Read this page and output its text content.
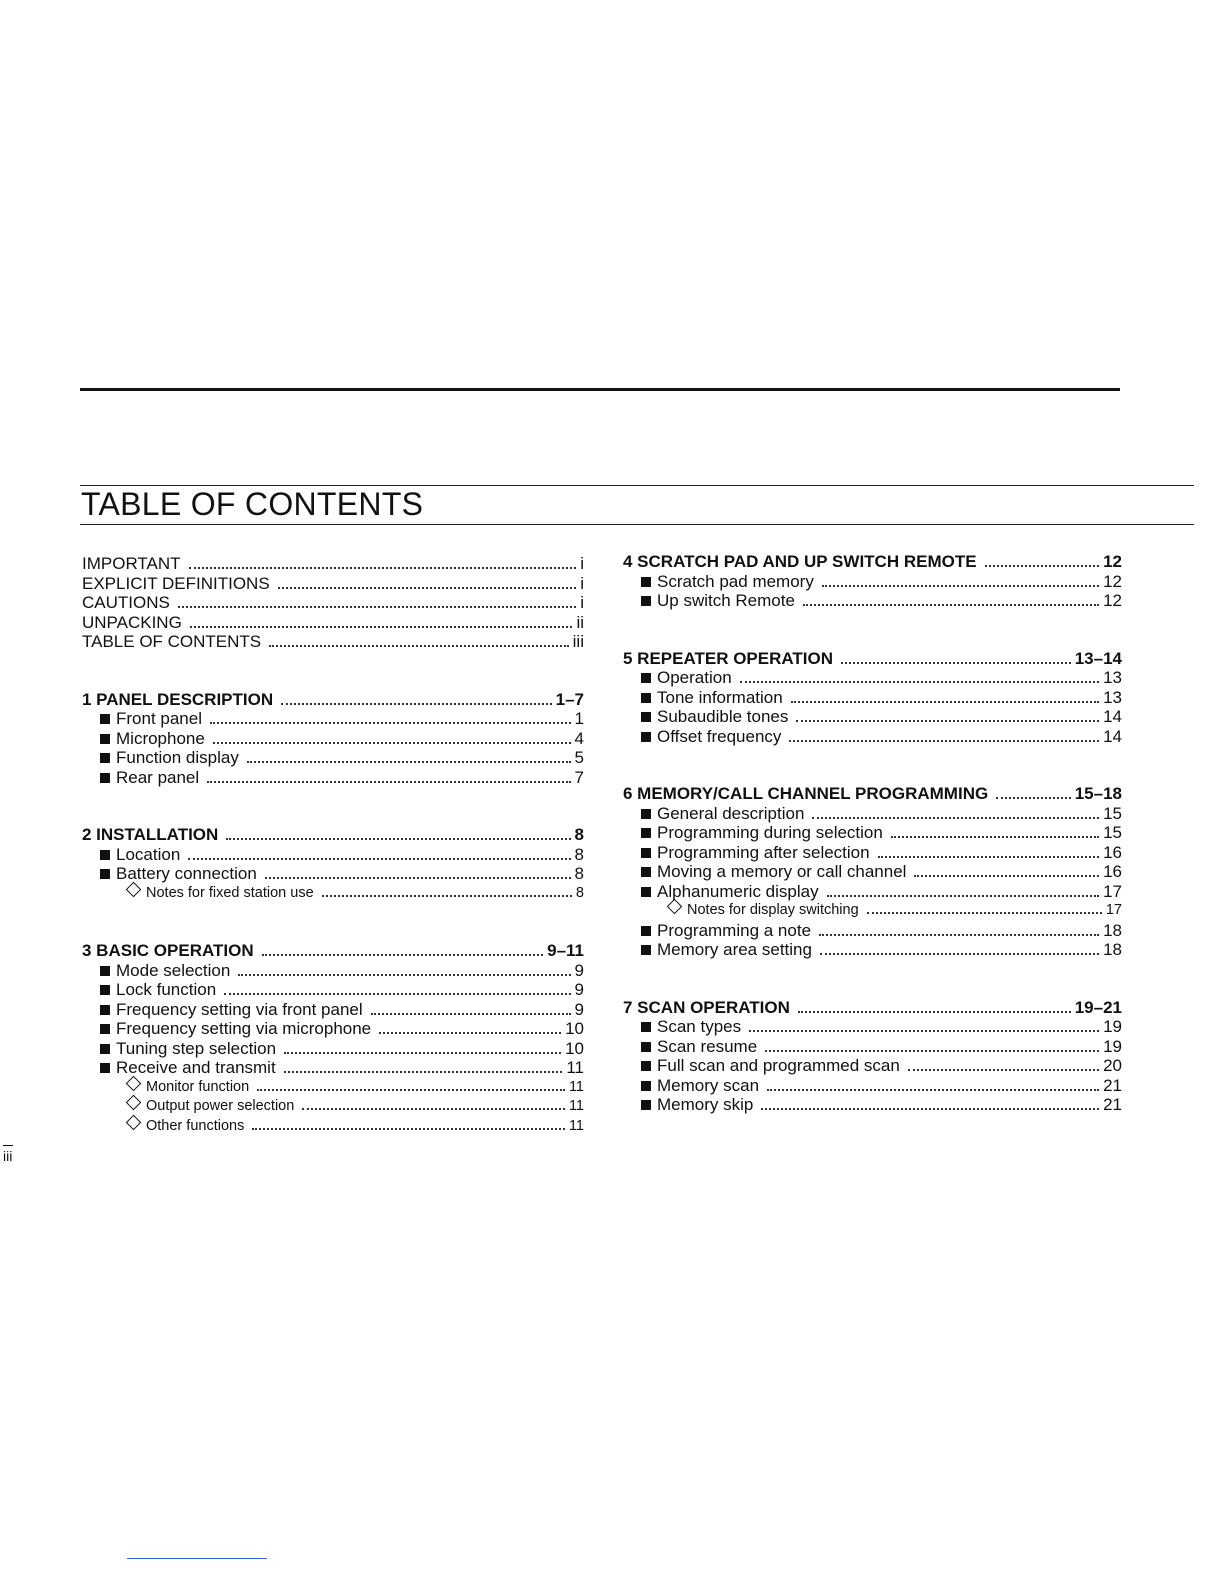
TABLE OF CONTENTS
IMPORTANT	i
EXPLICIT DEFINITIONS	i
CAUTIONS	i
UNPACKING	ii
TABLE OF CONTENTS	iii
1 PANEL DESCRIPTION	1–7
Front panel	1
Microphone	4
Function display	5
Rear panel	7
2 INSTALLATION	8
Location	8
Battery connection	8
Notes for fixed station use	8
3 BASIC OPERATION	9–11
Mode selection	9
Lock function	9
Frequency setting via front panel	9
Frequency setting via microphone	10
Tuning step selection	10
Receive and transmit	11
Monitor function	11
Output power selection	11
Other functions	11
4 SCRATCH PAD AND UP SWITCH REMOTE	12
Scratch pad memory	12
Up switch Remote	12
5 REPEATER OPERATION	13–14
Operation	13
Tone information	13
Subaudible tones	14
Offset frequency	14
6 MEMORY/CALL CHANNEL PROGRAMMING	15–18
General description	15
Programming during selection	15
Programming after selection	16
Moving a memory or call channel	16
Alphanumeric display	17
Notes for display switching	17
Programming a note	18
Memory area setting	18
7 SCAN OPERATION	19–21
Scan types	19
Scan resume	19
Full scan and programmed scan	20
Memory scan	21
Memory skip	21
iii
